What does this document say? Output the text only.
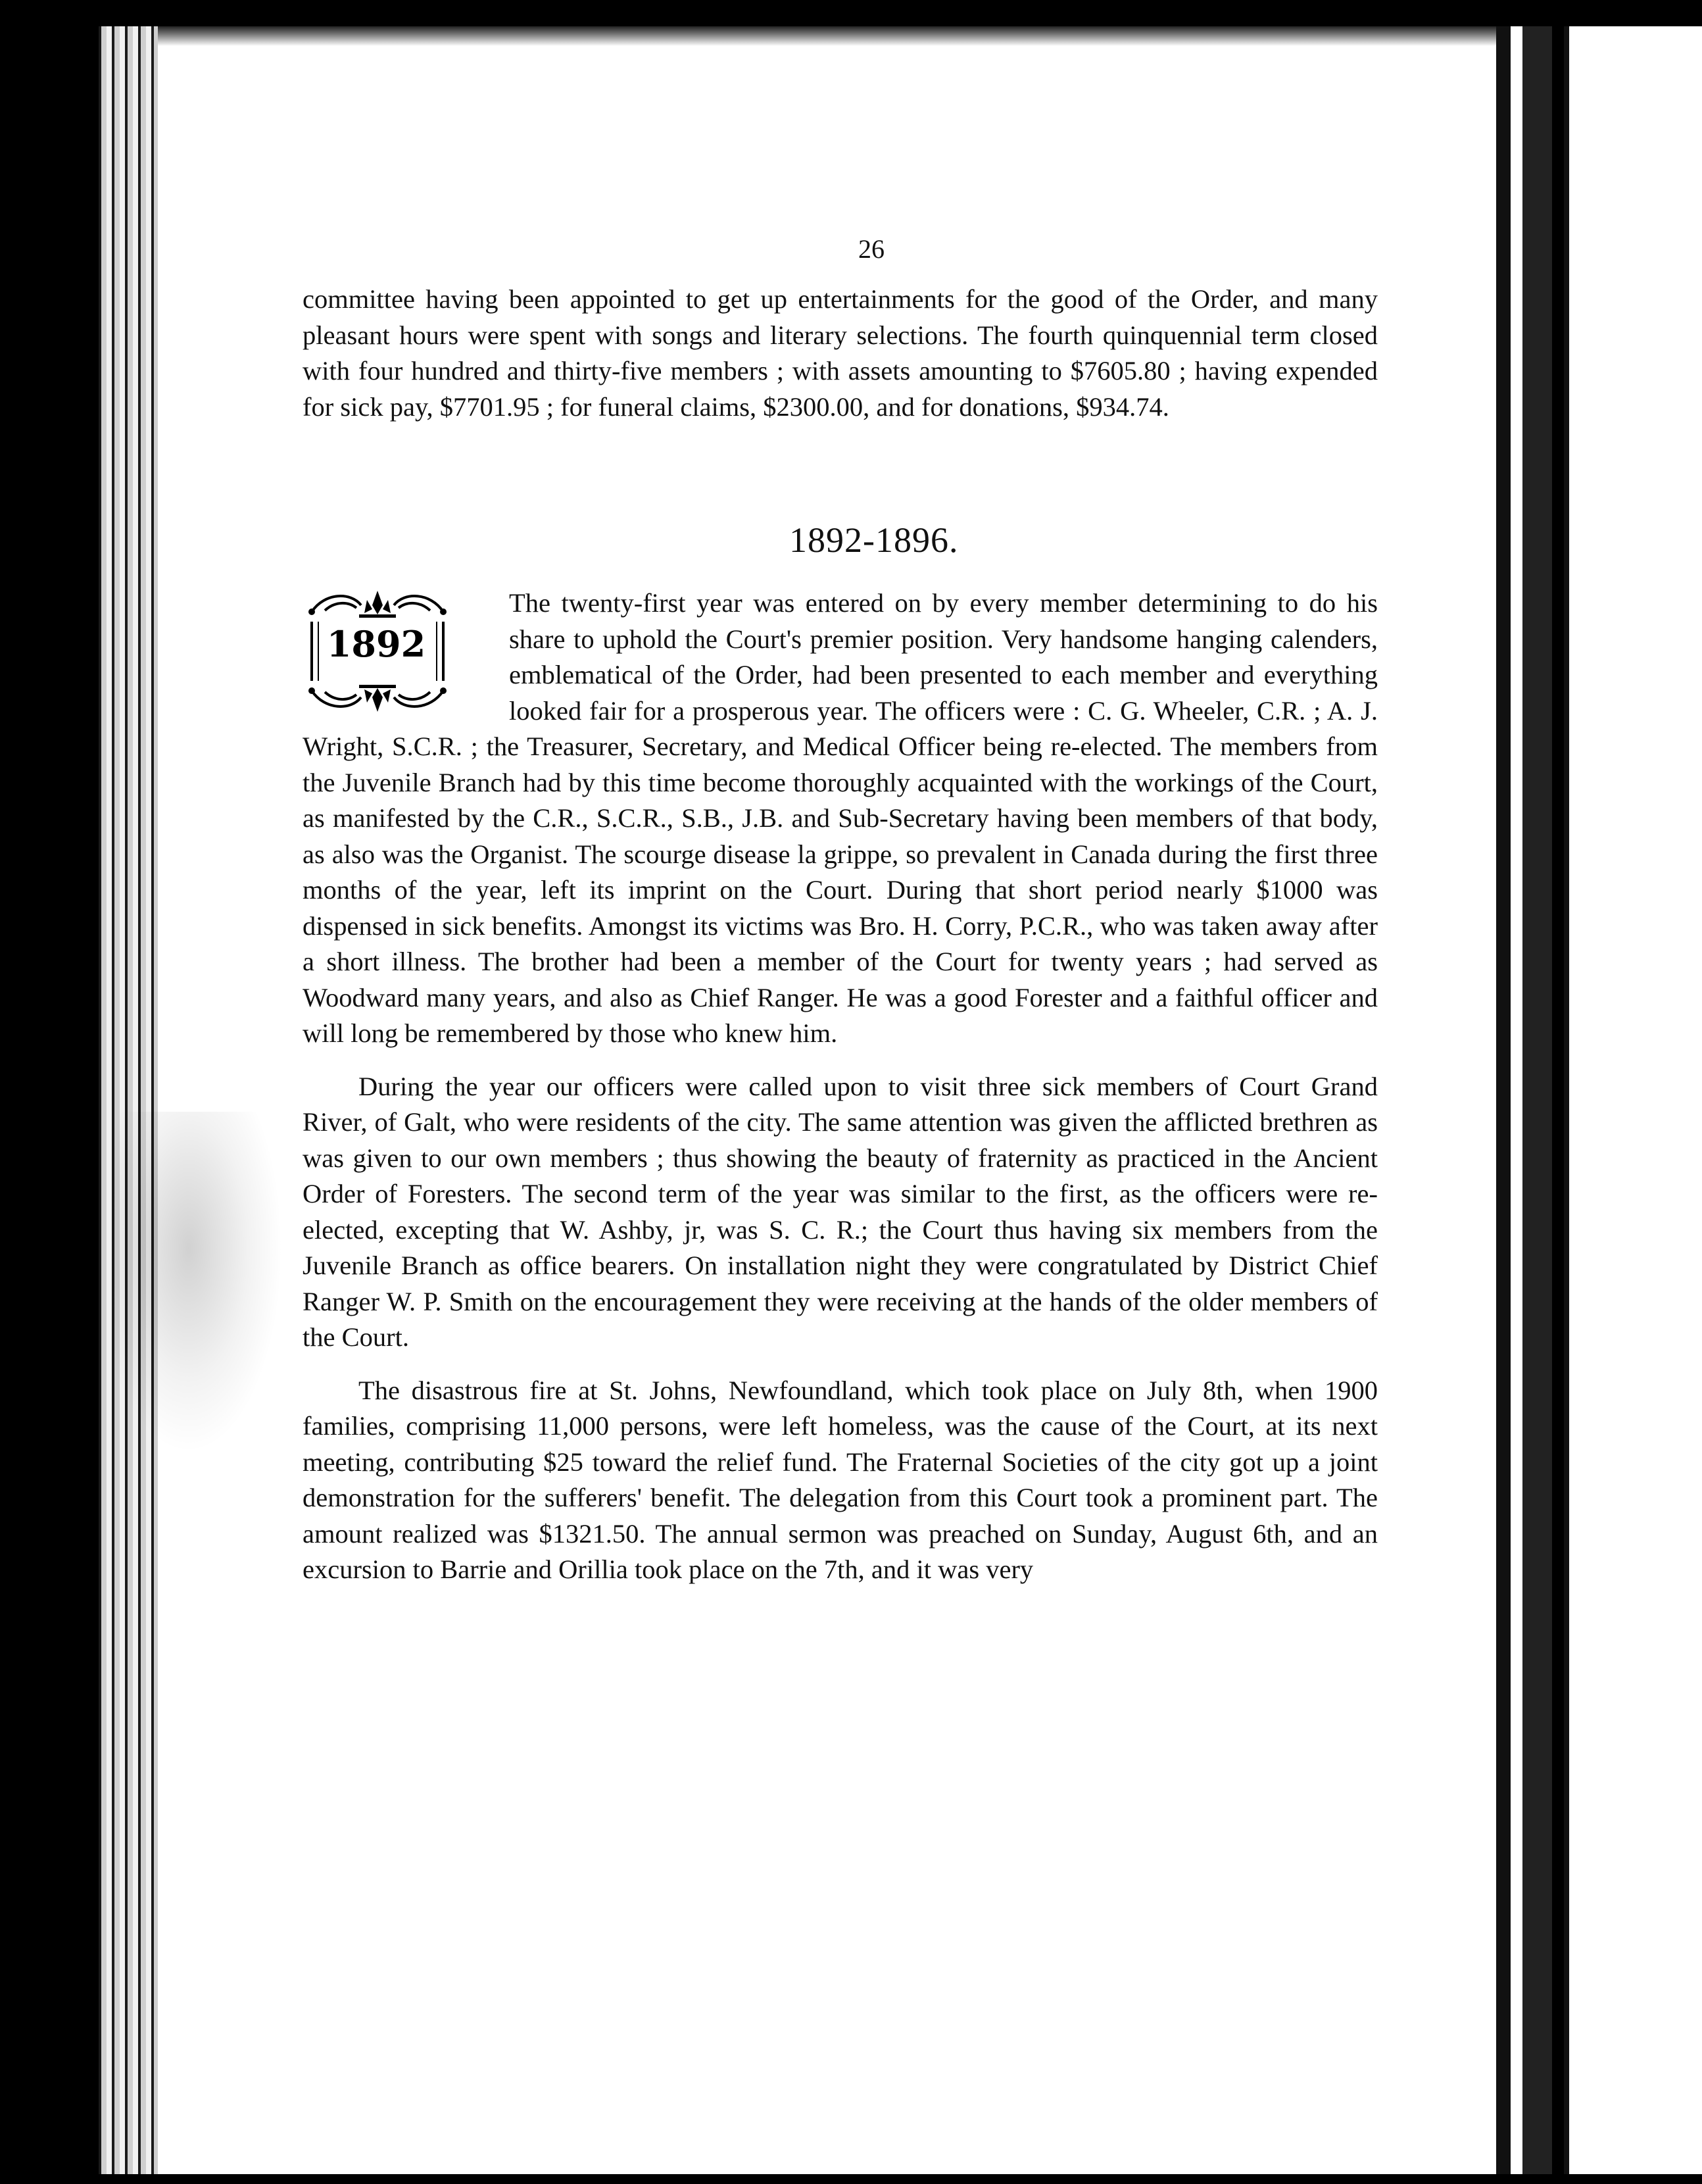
26

committee having been appointed to get up entertainments for the good of the Order, and many pleasant hours were spent with songs and literary selections. The fourth quinquennial term closed with four hundred and thirty-five members ; with assets amounting to $7605.80 ; having expended for sick pay, $7701.95 ; for funeral claims, $2300.00, and for donations, $934.74.

1892-1896.
1892

The twenty-first year was entered on by every member determining to do his share to uphold the Court's premier position. Very handsome hanging calenders, emblematical of the Order, had been presented to each member and everything looked fair for a prosperous year. The officers were : C. G. Wheeler, C.R. ; A. J. Wright, S.C.R. ; the Treasurer, Secretary, and Medical Officer being re-elected. The members from the Juvenile Branch had by this time become thoroughly acquainted with the workings of the Court, as manifested by the C.R., S.C.R., S.B., J.B. and Sub-Secretary having been members of that body, as also was the Organist. The scourge disease la grippe, so prevalent in Canada during the first three months of the year, left its imprint on the Court. During that short period nearly $1000 was dispensed in sick benefits. Amongst its victims was Bro. H. Corry, P.C.R., who was taken away after a short illness. The brother had been a member of the Court for twenty years ; had served as Woodward many years, and also as Chief Ranger. He was a good Forester and a faithful officer and will long be remembered by those who knew him.

During the year our officers were called upon to visit three sick members of Court Grand River, of Galt, who were residents of the city. The same attention was given the afflicted brethren as was given to our own members ; thus showing the beauty of fraternity as practiced in the Ancient Order of Foresters. The second term of the year was similar to the first, as the officers were re-elected, excepting that W. Ashby, jr, was S. C. R.; the Court thus having six members from the Juvenile Branch as office bearers. On installation night they were congratulated by District Chief Ranger W. P. Smith on the encouragement they were receiving at the hands of the older members of the Court.

The disastrous fire at St. Johns, Newfoundland, which took place on July 8th, when 1900 families, comprising 11,000 persons, were left homeless, was the cause of the Court, at its next meeting, contributing $25 toward the relief fund. The Fraternal Societies of the city got up a joint demonstration for the sufferers' benefit. The delegation from this Court took a prominent part. The amount realized was $1321.50. The annual sermon was preached on Sunday, August 6th, and an excursion to Barrie and Orillia took place on the 7th, and it was very
